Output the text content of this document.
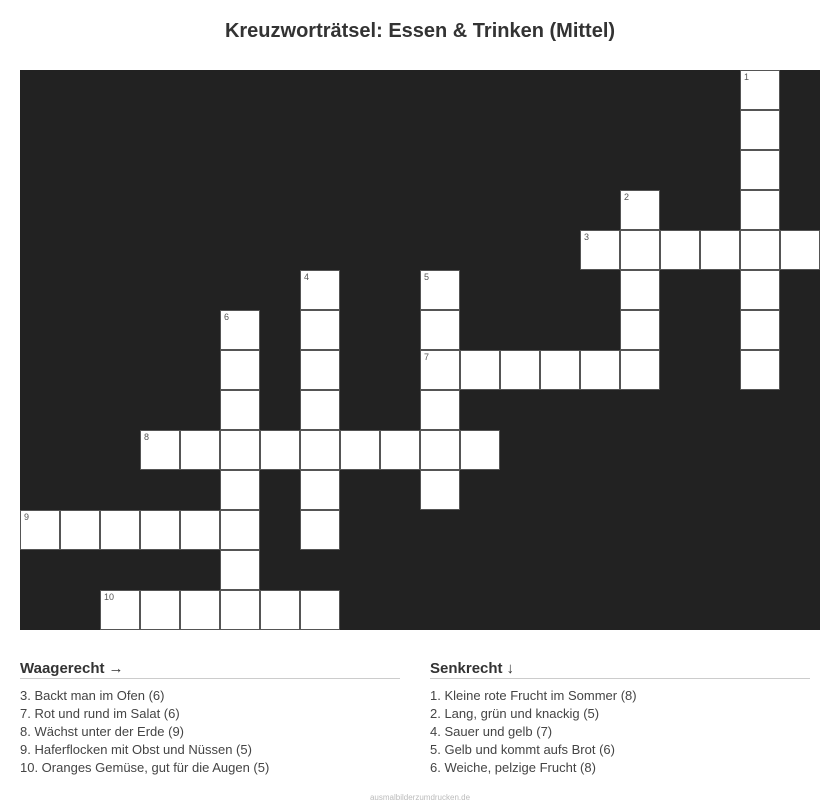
Kreuzworträtsel: Essen & Trinken (Mittel)
1
2
3
4	5
6
7
8
9
10
Waagerecht →
3. Backt man im Ofen (6)
7. Rot und rund im Salat (6)
8. Wächst unter der Erde (9)
9. Haferflocken mit Obst und Nüssen (5)
10. Oranges Gemüse, gut für die Augen (5)
Senkrecht ↓
1. Kleine rote Frucht im Sommer (8)
2. Lang, grün und knackig (5)
4. Sauer und gelb (7)
5. Gelb und kommt aufs Brot (6)
6. Weiche, pelzige Frucht (8)
ausmalbilderzumdrucken.de
